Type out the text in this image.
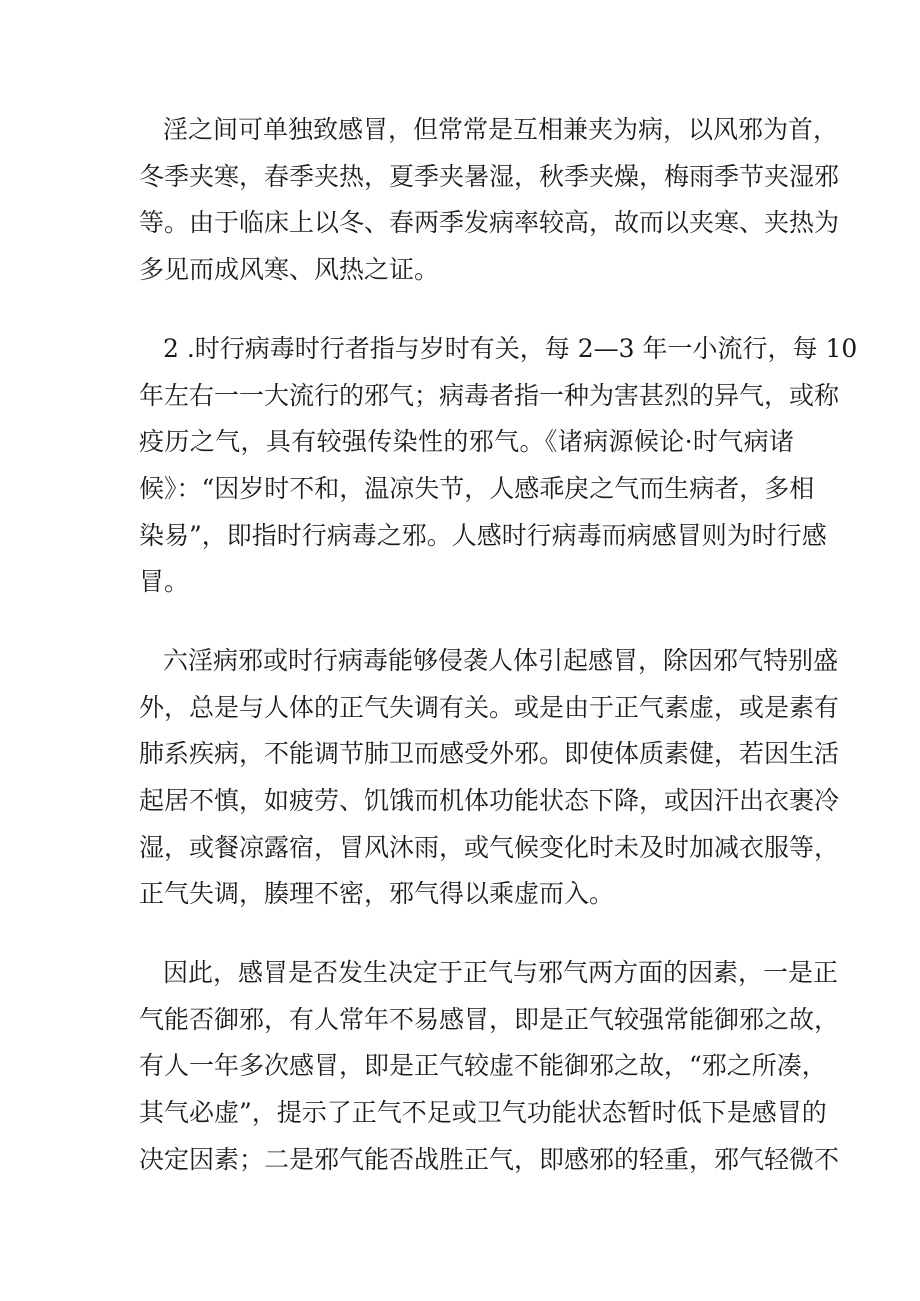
淫之间可单独致感冒，但常常是互相兼夹为病，以风邪为首，
冬季夹寒，春季夹热，夏季夹暑湿，秋季夹燥，梅雨季节夹湿邪
等。由于临床上以冬、春两季发病率较高，故而以夹寒、夹热为
多见而成风寒、风热之证。
2 .时行病毒时行者指与岁时有关，每 2—3 年一小流行，每 10
年左右一一大流行的邪气；病毒者指一种为害甚烈的异气，或称
疫历之气，具有较强传染性的邪气。《诸病源候论·时气病诸
候》：“因岁时不和，温凉失节，人感乖戾之气而生病者，多相
染易”，即指时行病毒之邪。人感时行病毒而病感冒则为时行感
冒。
六淫病邪或时行病毒能够侵袭人体引起感冒，除因邪气特别盛
外，总是与人体的正气失调有关。或是由于正气素虚，或是素有
肺系疾病，不能调节肺卫而感受外邪。即使体质素健，若因生活
起居不慎，如疲劳、饥饿而机体功能状态下降，或因汗出衣裹冷
湿，或餐凉露宿，冒风沐雨，或气候变化时未及时加减衣服等，
正气失调，腠理不密，邪气得以乘虚而入。
因此，感冒是否发生决定于正气与邪气两方面的因素，一是正
气能否御邪，有人常年不易感冒，即是正气较强常能御邪之故，
有人一年多次感冒，即是正气较虚不能御邪之故，“邪之所凑，
其气必虚”，提示了正气不足或卫气功能状态暂时低下是感冒的
决定因素；二是邪气能否战胜正气，即感邪的轻重，邪气轻微不
